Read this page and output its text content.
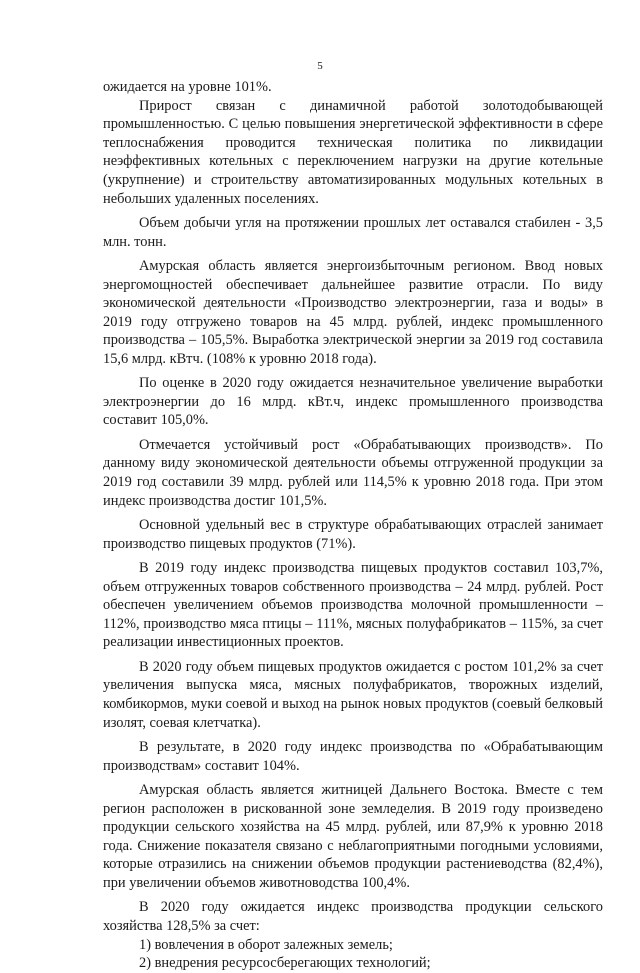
5

ожидается на уровне 101%.

Прирост связан с динамичной работой золотодобывающей промышленностью. С целью повышения энергетической эффективности в сфере теплоснабжения проводится техническая политика по ликвидации неэффективных котельных с переключением нагрузки на другие котельные (укрупнение) и строительству автоматизированных модульных котельных в небольших удаленных поселениях.

Объем добычи угля на протяжении прошлых лет оставался стабилен - 3,5 млн. тонн.

Амурская область является энергоизбыточным регионом. Ввод новых энергомощностей обеспечивает дальнейшее развитие отрасли. По виду экономической деятельности «Производство электроэнергии, газа и воды» в 2019 году отгружено товаров на 45 млрд. рублей, индекс промышленного производства – 105,5%. Выработка электрической энергии за 2019 год составила 15,6 млрд. кВтч. (108% к уровню 2018 года).

По оценке в 2020 году ожидается незначительное увеличение выработки электроэнергии до 16 млрд. кВт.ч, индекс промышленного производства составит 105,0%.

Отмечается устойчивый рост «Обрабатывающих производств». По данному виду экономической деятельности объемы отгруженной продукции за 2019 год составили 39 млрд. рублей или 114,5% к уровню 2018 года. При этом индекс производства достиг 101,5%.

Основной удельный вес в структуре обрабатывающих отраслей занимает производство пищевых продуктов (71%).

В 2019 году индекс производства пищевых продуктов составил 103,7%, объем отгруженных товаров собственного производства – 24 млрд. рублей. Рост обеспечен увеличением объемов производства молочной промышленности – 112%, производство мяса птицы – 111%, мясных полуфабрикатов – 115%, за счет реализации инвестиционных проектов.

В 2020 году объем пищевых продуктов ожидается с ростом 101,2% за счет увеличения выпуска мяса, мясных полуфабрикатов, творожных изделий, комбикормов, муки соевой и выход на рынок новых продуктов (соевый белковый изолят, соевая клетчатка).

В результате, в 2020 году индекс производства по «Обрабатывающим производствам» составит 104%.

Амурская область является житницей Дальнего Востока. Вместе с тем регион расположен в рискованной зоне земледелия. В 2019 году произведено продукции сельского хозяйства на 45 млрд. рублей, или 87,9% к уровню 2018 года. Снижение показателя связано с неблагоприятными погодными условиями, которые отразились на снижении объемов продукции растениеводства (82,4%), при увеличении объемов животноводства 100,4%.

В 2020 году ожидается индекс производства продукции сельского хозяйства 128,5% за счет:

1) вовлечения в оборот залежных земель;

2) внедрения ресурсосберегающих технологий;
